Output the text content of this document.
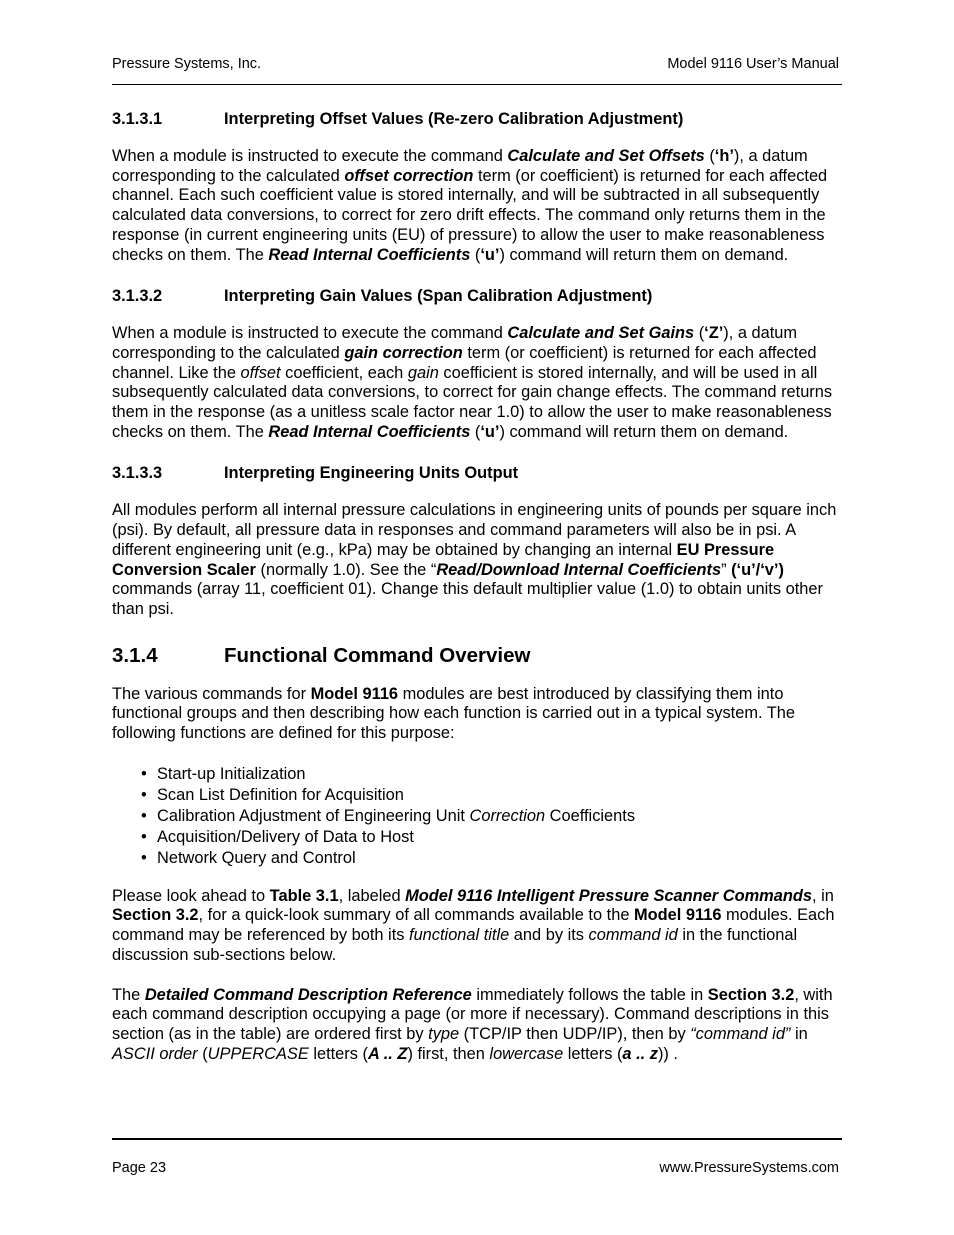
Pressure Systems, Inc.	Model 9116 User’s Manual
3.1.3.1	Interpreting Offset Values (Re-zero Calibration Adjustment)

When a module is instructed to execute the command Calculate and Set Offsets (‘h’), a datum corresponding to the calculated offset correction term (or coefficient) is returned for each affected channel. Each such coefficient value is stored internally, and will be subtracted in all subsequently calculated data conversions, to correct for zero drift effects. The command only returns them in the response (in current engineering units (EU) of pressure) to allow the user to make reasonableness checks on them. The Read Internal Coefficients (‘u’) command will return them on demand.

3.1.3.2	Interpreting Gain Values (Span Calibration Adjustment)

When a module is instructed to execute the command Calculate and Set Gains (‘Z’), a datum corresponding to the calculated gain correction term (or coefficient) is returned for each affected channel. Like the offset coefficient, each gain coefficient is stored internally, and will be used in all subsequently calculated data conversions, to correct for gain change effects. The command returns them in the response (as a unitless scale factor near 1.0) to allow the user to make reasonableness checks on them. The Read Internal Coefficients (‘u’) command will return them on demand.

3.1.3.3	Interpreting Engineering Units Output

All modules perform all internal pressure calculations in engineering units of pounds per square inch (psi). By default, all pressure data in responses and command parameters will also be in psi. A different engineering unit (e.g., kPa) may be obtained by changing an internal EU Pressure Conversion Scaler (normally 1.0). See the “Read/Download Internal Coefficients” (‘u’/‘v’) commands (array 11, coefficient 01). Change this default multiplier value (1.0) to obtain units other than psi.

3.1.4	Functional Command Overview

The various commands for Model 9116 modules are best introduced by classifying them into functional groups and then describing how each function is carried out in a typical system. The following functions are defined for this purpose:

• Start-up Initialization
• Scan List Definition for Acquisition
• Calibration Adjustment of Engineering Unit Correction Coefficients
• Acquisition/Delivery of Data to Host
• Network Query and Control

Please look ahead to Table 3.1, labeled Model 9116 Intelligent Pressure Scanner Commands, in Section 3.2, for a quick-look summary of all commands available to the Model 9116 modules. Each command may be referenced by both its functional title and by its command id in the functional discussion sub-sections below.

The Detailed Command Description Reference immediately follows the table in Section 3.2, with each command description occupying a page (or more if necessary). Command descriptions in this section (as in the table) are ordered first by type (TCP/IP then UDP/IP), then by “command id” in ASCII order (UPPERCASE letters (A .. Z) first, then lowercase letters (a .. z)) .

Page 23	www.PressureSystems.com
